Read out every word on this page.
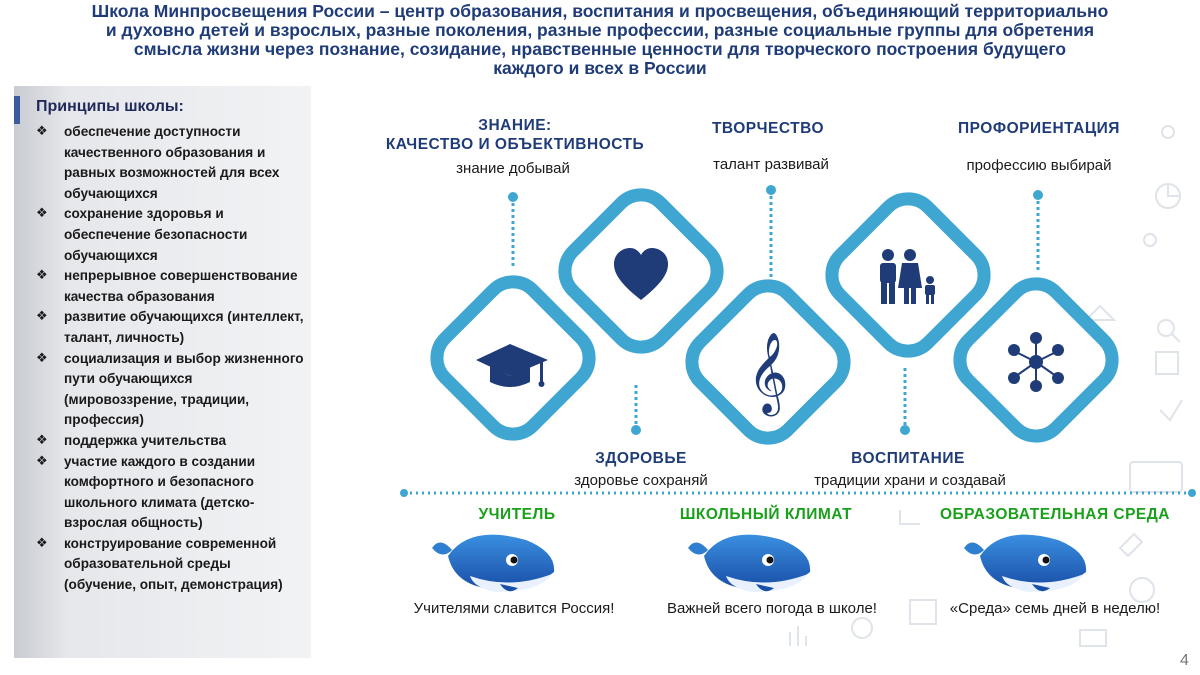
Школа Минпросвещения России – центр образования, воспитания и просвещения, объединяющий территориально
и духовно детей и взрослых, разные поколения, разные профессии, разные социальные группы для обретения
смысла жизни через познание, созидание, нравственные ценности для творческого построения будущего
каждого и всех в России
Принципы школы:
❖ обеспечение доступности качественного образования и равных возможностей для всех обучающихся
❖ сохранение здоровья и обеспечение безопасности обучающихся
❖ непрерывное совершенствование качества образования
❖ развитие обучающихся (интеллект, талант, личность)
❖ социализация и выбор жизненного пути обучающихся (мировоззрение, традиции, профессия)
❖ поддержка учительства
❖ участие каждого в создании комфортного и безопасного школьного климата (детско-взрослая общность)
❖ конструирование современной образовательной среды (обучение, опыт, демонстрация)
𝄞
ЗНАНИЕ:
КАЧЕСТВО И ОБЪЕКТИВНОСТЬ
знание добывай
ТВОРЧЕСТВО
талант развивай
ПРОФОРИЕНТАЦИЯ
профессию выбирай
ЗДОРОВЬЕ
здоровье сохраняй
ВОСПИТАНИЕ
традиции храни и создавай
УЧИТЕЛЬ
Учителями славится Россия!
ШКОЛЬНЫЙ КЛИМАТ
Важней всего погода в школе!
ОБРАЗОВАТЕЛЬНАЯ СРЕДА
«Среда» семь дней в неделю!
4
